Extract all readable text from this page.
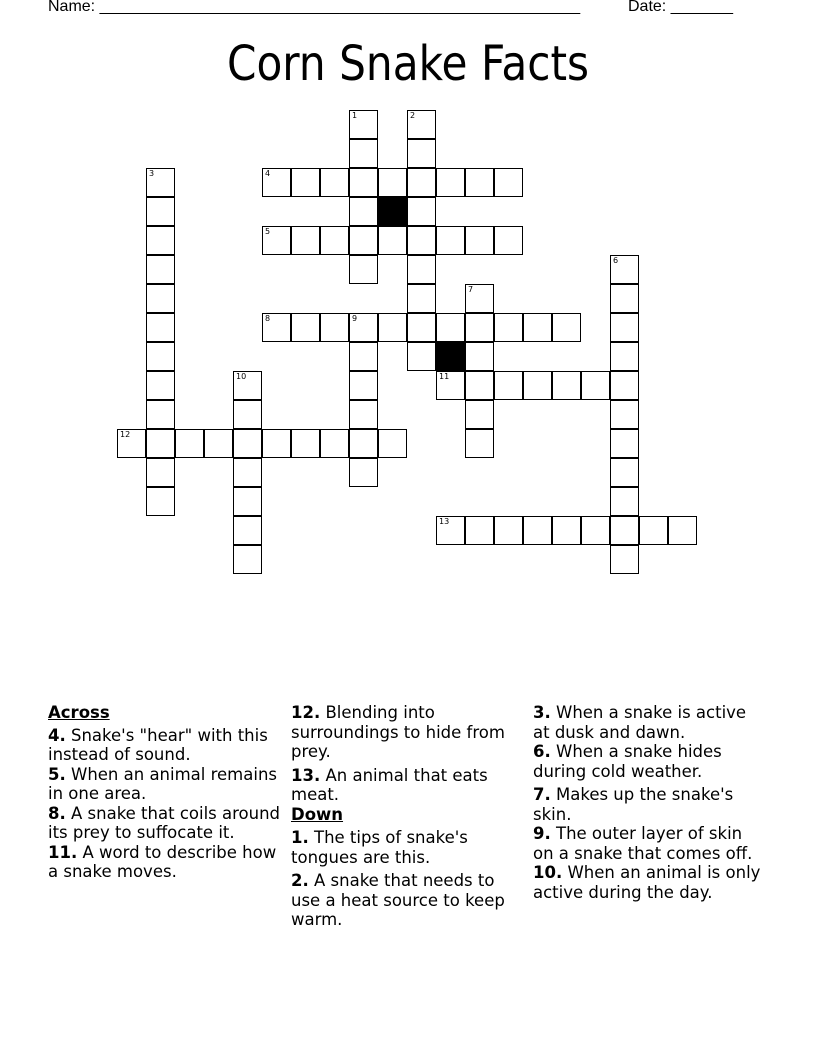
Name: ______________________________________________________	Date: _______
Corn Snake Facts
1	2
3	4
5
6
7
8	9
10	11
12
13
Across
4. Snake's "hear" with this instead of sound.
5. When an animal remains in one area.
8. A snake that coils around its prey to suffocate it.
11. A word to describe how a snake moves.
12. Blending into surroundings to hide from prey.
13. An animal that eats meat.
Down
1. The tips of snake's tongues are this.
2. A snake that needs to use a heat source to keep warm.
3. When a snake is active at dusk and dawn.
6. When a snake hides during cold weather.
7. Makes up the snake's skin.
9. The outer layer of skin on a snake that comes off.
10. When an animal is only active during the day.
